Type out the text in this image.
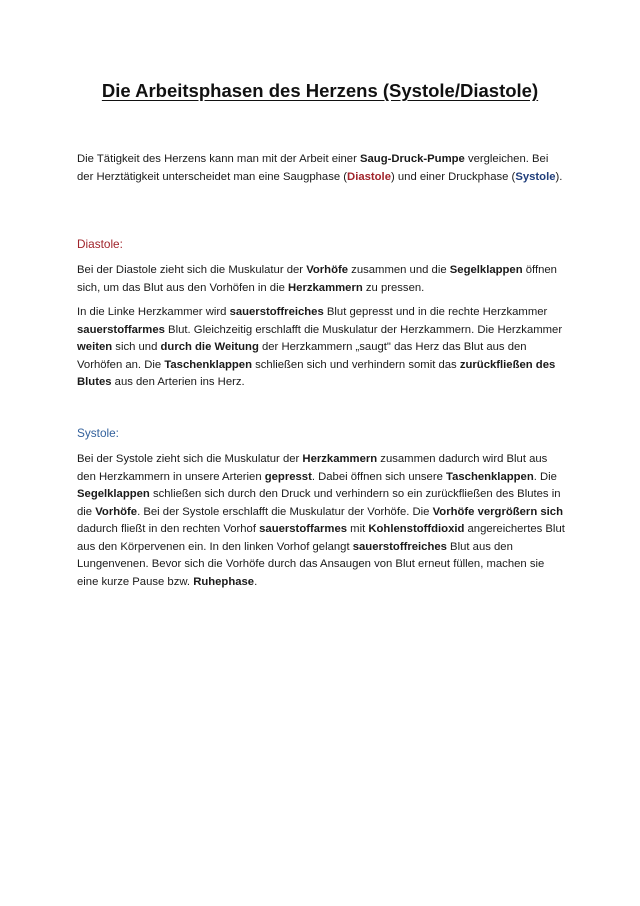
Die Arbeitsphasen des Herzens (Systole/Diastole)

Die Tätigkeit des Herzens kann man mit der Arbeit einer Saug-Druck-Pumpe vergleichen. Bei der Herztätigkeit unterscheidet man eine Saugphase (Diastole) und einer Druckphase (Systole).

Diastole:

Bei der Diastole zieht sich die Muskulatur der Vorhöfe zusammen und die Segelklappen öffnen sich, um das Blut aus den Vorhöfen in die Herzkammern zu pressen.

In die Linke Herzkammer wird sauerstoffreiches Blut gepresst und in die rechte Herzkammer sauerstoffarmes Blut. Gleichzeitig erschlafft die Muskulatur der Herzkammern. Die Herzkammer weiten sich und durch die Weitung der Herzkammern „saugt" das Herz das Blut aus den Vorhöfen an. Die Taschenklappen schließen sich und verhindern somit das zurückfließen des Blutes aus den Arterien ins Herz.

Systole:

Bei der Systole zieht sich die Muskulatur der Herzkammern zusammen dadurch wird Blut aus den Herzkammern in unsere Arterien gepresst. Dabei öffnen sich unsere Taschenklappen. Die Segelklappen schließen sich durch den Druck und verhindern so ein zurückfließen des Blutes in die Vorhöfe. Bei der Systole erschlafft die Muskulatur der Vorhöfe. Die Vorhöfe vergrößern sich dadurch fließt in den rechten Vorhof sauerstoffarmes mit Kohlenstoffdioxid angereichertes Blut aus den Körpervenen ein. In den linken Vorhof gelangt sauerstoffreiches Blut aus den Lungenvenen. Bevor sich die Vorhöfe durch das Ansaugen von Blut erneut füllen, machen sie eine kurze Pause bzw. Ruhephase.
